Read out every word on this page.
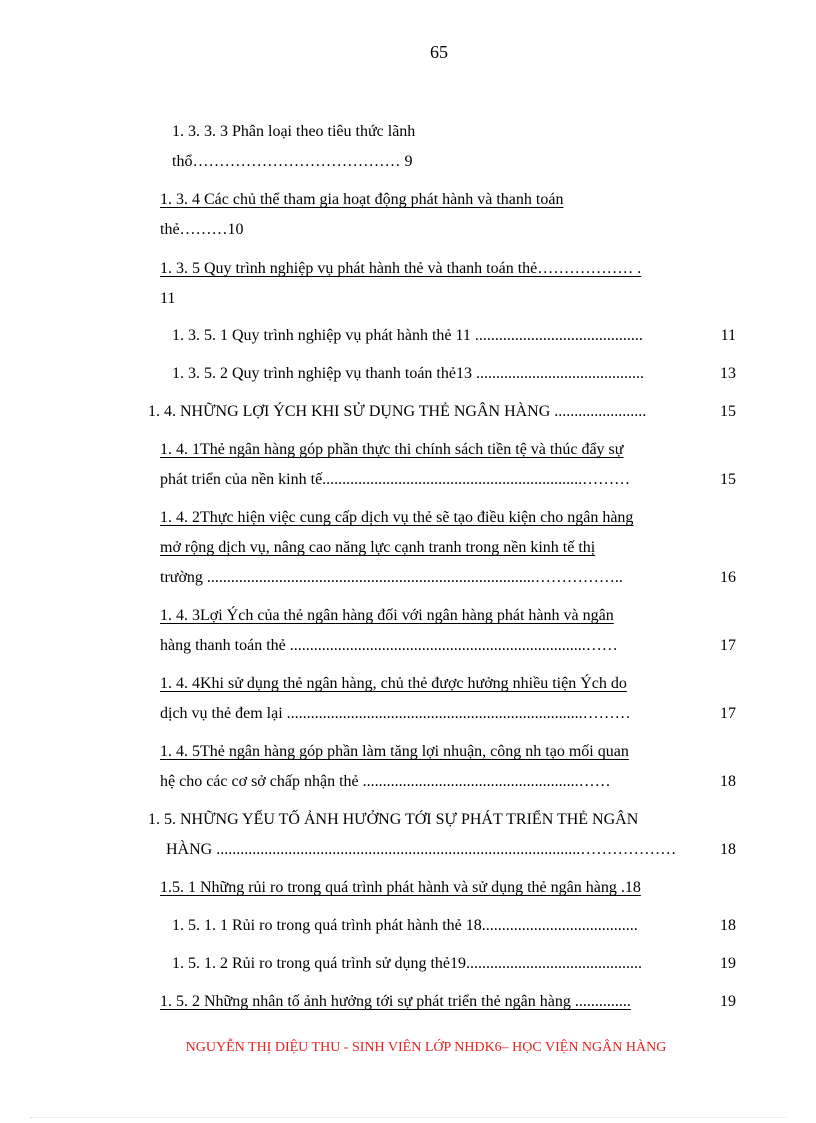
65
1. 3. 3. 3 Phân loại theo tiêu thức lãnh
thổ………………………………… 9
1. 3. 4 Các chủ thể tham gia hoạt động phát hành và thanh toán
thẻ………10
1. 3. 5 Quy trình nghiệp vụ phát hành thẻ và thanh toán thẻ……………… .
11
1. 3. 5. 1 Quy trình nghiệp vụ phát hành thẻ 11 ..........................................	11
1. 3. 5. 2 Quy trình nghiệp vụ thanh toán thẻ13 ..........................................	13
1. 4. NHỮNG LỢI ÝCH KHI SỬ DỤNG THẺ NGÂN HÀNG .......................	15
1. 4. 1Thẻ ngân hàng góp phần thực thi chính sách tiền tệ và thúc đẩy sự
phát triển của nền kinh tế.................................................................………	15
1. 4. 2Thực hiện việc cung cấp dịch vụ thẻ sẽ tạo điều kiện cho ngân hàng
mở rộng dịch vụ, nâng cao năng lực cạnh tranh trong nền kinh tế thị
trường ..................................................................................……………..	16
1. 4. 3Lợi Ých của thẻ ngân hàng đối với ngân hàng phát hành và ngân
hàng thanh toán thẻ ..........................................................................……	17
1. 4. 4Khi sử dụng thẻ ngân hàng, chủ thẻ được hưởng nhiều tiện Ých do
dịch vụ thẻ đem lại ..........................................................................………	17
1. 4. 5Thẻ ngân hàng góp phần làm tăng lợi nhuận, công nh tạo mối quan
hệ cho các cơ sở chấp nhận thẻ ......................................................……	18
1. 5. NHỮNG YẾU TỐ ẢNH HƯỞNG TỚI SỰ PHÁT TRIỂN THẺ NGÂN
HÀNG ...........................................................................................………………	18
1.5. 1 Những rủi ro trong quá trình phát hành và sử dụng thẻ ngân hàng .18
1. 5. 1. 1 Rủi ro trong quá trình phát hành thẻ 18.......................................	18
1. 5. 1. 2 Rủi ro trong quá trình sử dụng thẻ19............................................	19
1. 5. 2 Những nhân tố ảnh hưởng tới sự phát triển thẻ ngân hàng ..............	19
NGUYỄN THỊ DIỆU THU - SINH VIÊN LỚP NHDK6– HỌC VIỆN NGÂN HÀNG
